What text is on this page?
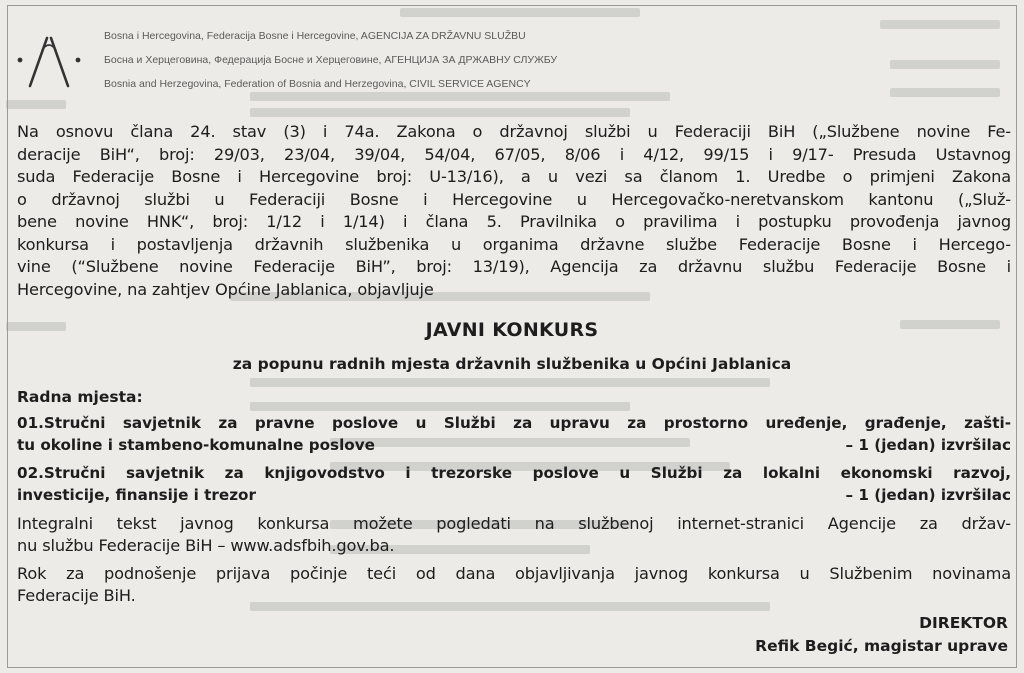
Bosna i Hercegovina, Federacija Bosne i Hercegovine, AGENCIJA ZA DRŽAVNU SLUŽBU
Босна и Херцеговина, Федерација Босне и Херцеговине, АГЕНЦИЈА ЗА ДРЖАВНУ СЛУЖБУ
Bosnia and Herzegovina, Federation of Bosnia and Herzegovina, CIVIL SERVICE AGENCY
Na osnovu člana 24. stav (3) i 74a. Zakona o državnoj službi u Federaciji BiH („Službene novine Fe-
deracije BiH“, broj: 29/03, 23/04, 39/04, 54/04, 67/05, 8/06 i 4/12, 99/15 i 9/17- Presuda Ustavnog
suda Federacije Bosne i Hercegovine broj: U-13/16), a u vezi sa članom 1. Uredbe o primjeni Zakona
o državnoj službi u Federaciji Bosne i Hercegovine u Hercegovačko-neretvanskom kantonu („Služ-
bene novine HNK“, broj: 1/12 i 1/14) i člana 5. Pravilnika o pravilima i postupku provođenja javnog
konkursa i postavljenja državnih službenika u organima državne službe Federacije Bosne i Hercego-
vine (“Službene novine Federacije BiH”, broj: 13/19), Agencija za državnu službu Federacije Bosne i
Hercegovine, na zahtjev Općine Jablanica, objavljuje
JAVNI KONKURS
za popunu radnih mjesta državnih službenika u Općini Jablanica
Radna mjesta:
01.Stručni savjetnik za pravne poslove u Službi za upravu za prostorno uređenje, građenje, zašti-
tu okoline i stambeno-komunalne poslove	– 1 (jedan) izvršilac
02.Stručni savjetnik za knjigovodstvo i trezorske poslove u Službi za lokalni ekonomski razvoj,
investicije, finansije i trezor	– 1 (jedan) izvršilac
Integralni tekst javnog konkursa možete pogledati na službenoj internet-stranici Agencije za držav-
nu službu Federacije BiH – www.adsfbih.gov.ba.
Rok za podnošenje prijava počinje teći od dana objavljivanja javnog konkursa u Službenim novinama
Federacije BiH.
DIREKTOR
Refik Begić, magistar uprave
